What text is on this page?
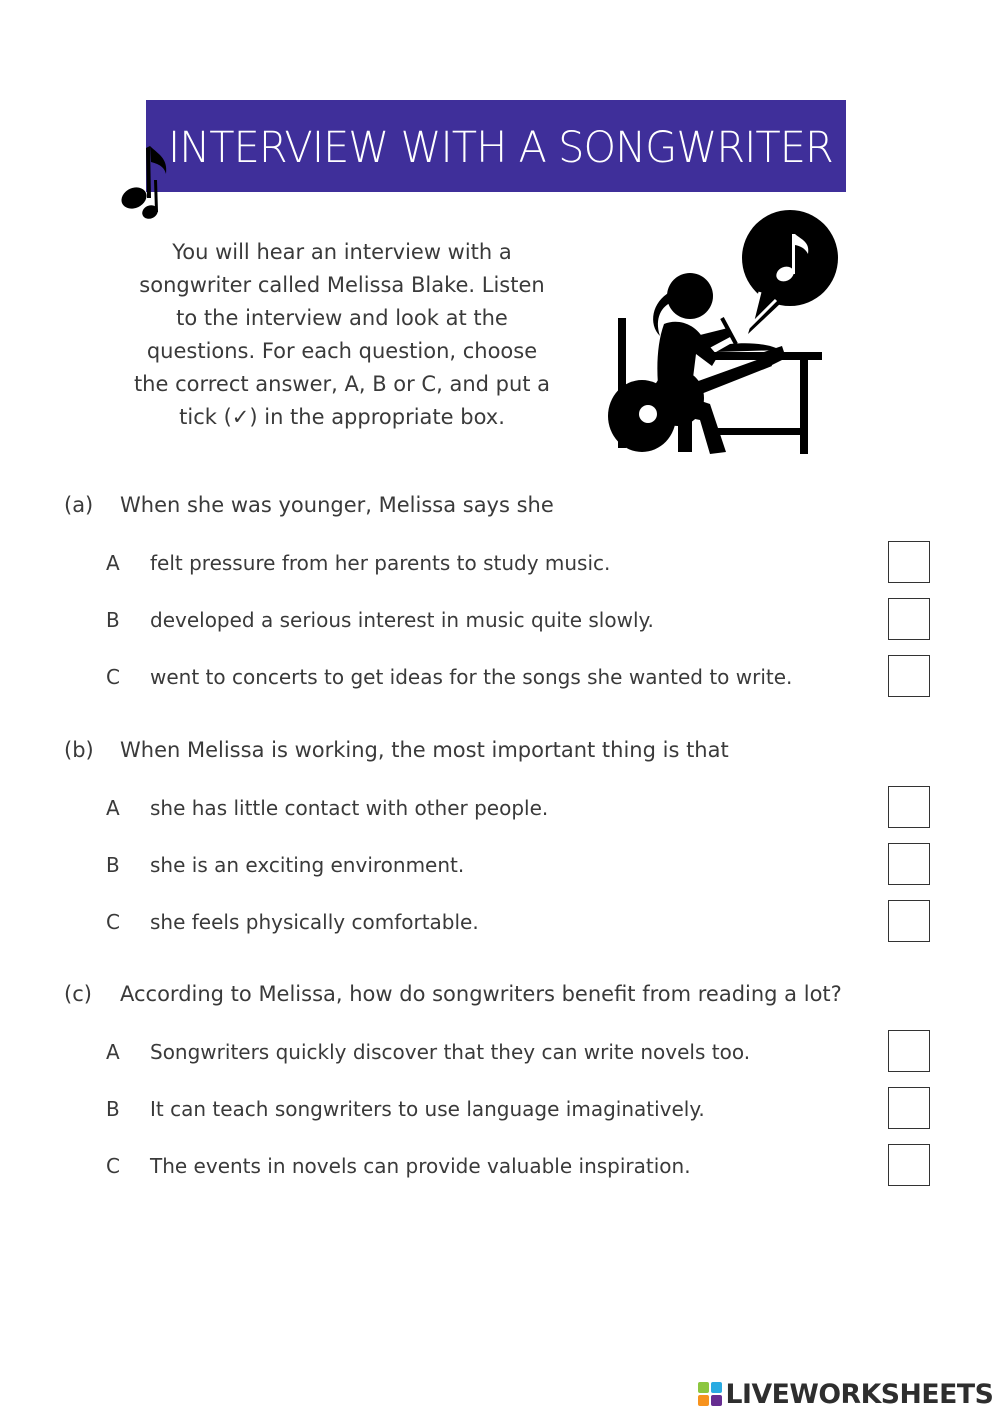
INTERVIEW WITH A SONGWRITER
You will hear an interview with a
songwriter called Melissa Blake. Listen
to the interview and look at the
questions. For each question, choose
the correct answer, A, B or C, and put a
tick (✓) in the appropriate box.
(a) When she was younger, Melissa says she
A felt pressure from her parents to study music.
B developed a serious interest in music quite slowly.
C went to concerts to get ideas for the songs she wanted to write.
(b) When Melissa is working, the most important thing is that
A she has little contact with other people.
B she is an exciting environment.
C she feels physically comfortable.
(c) According to Melissa, how do songwriters benefit from reading a lot?
A Songwriters quickly discover that they can write novels too.
B It can teach songwriters to use language imaginatively.
C The events in novels can provide valuable inspiration.
LIVEWORKSHEETS
